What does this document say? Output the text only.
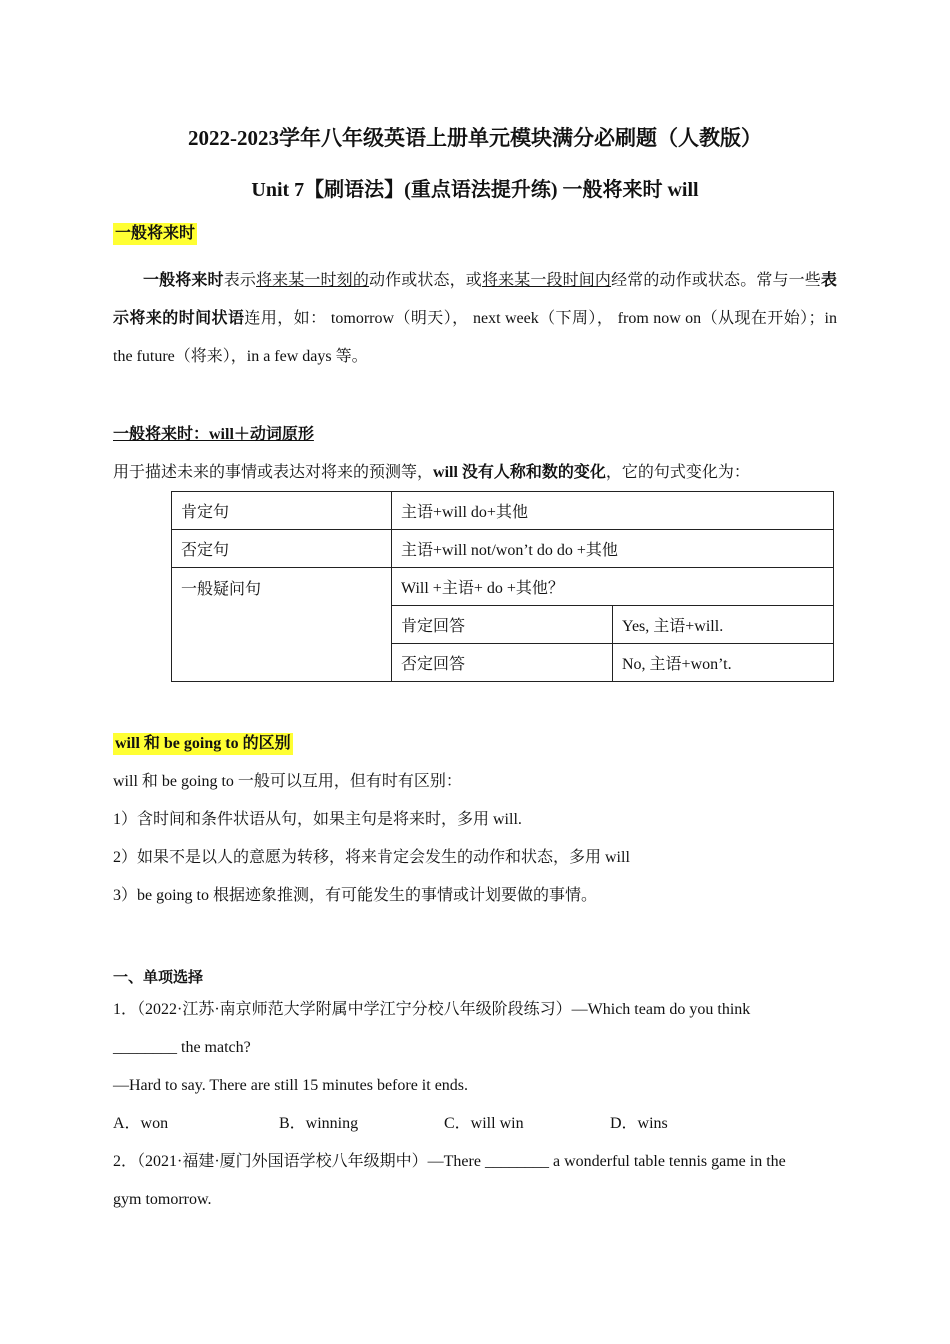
2022-2023学年八年级英语上册单元模块满分必刷题（人教版）
Unit 7【刷语法】(重点语法提升练) 一般将来时 will
一般将来时
一般将来时表示将来某一时刻的动作或状态，或将来某一段时间内经常的动作或状态。常与一些表示将来的时间状语连用，如： tomorrow（明天）， next week（下周）， from now on（从现在开始）；in the future（将来），in a few days 等。
一般将来时：will＋动词原形
用于描述未来的事情或表达对将来的预测等，will 没有人称和数的变化，它的句式变化为：
肯定句	主语+will do+其他	
否定句	主语+will not/won’t do do +其他	
一般疑问句	Will +主语+ do +其他？	
	肯定回答	Yes, 主语+will.
	否定回答	No, 主语+won’t.
will 和 be going to 的区别
will 和 be going to 一般可以互用，但有时有区别：
1）含时间和条件状语从句，如果主句是将来时，多用 will.
2）如果不是以人的意愿为转移，将来肯定会发生的动作和状态，多用 will
3）be going to 根据迹象推测，有可能发生的事情或计划要做的事情。
一、单项选择
1．（2022·江苏·南京师范大学附属中学江宁分校八年级阶段练习）—Which team do you think
________ the match?
—Hard to say. There are still 15 minutes before it ends.
A．won	B．winning	C．will win	D．wins
2．（2021·福建·厦门外国语学校八年级期中）—There ________ a wonderful table tennis game in the
gym tomorrow.
